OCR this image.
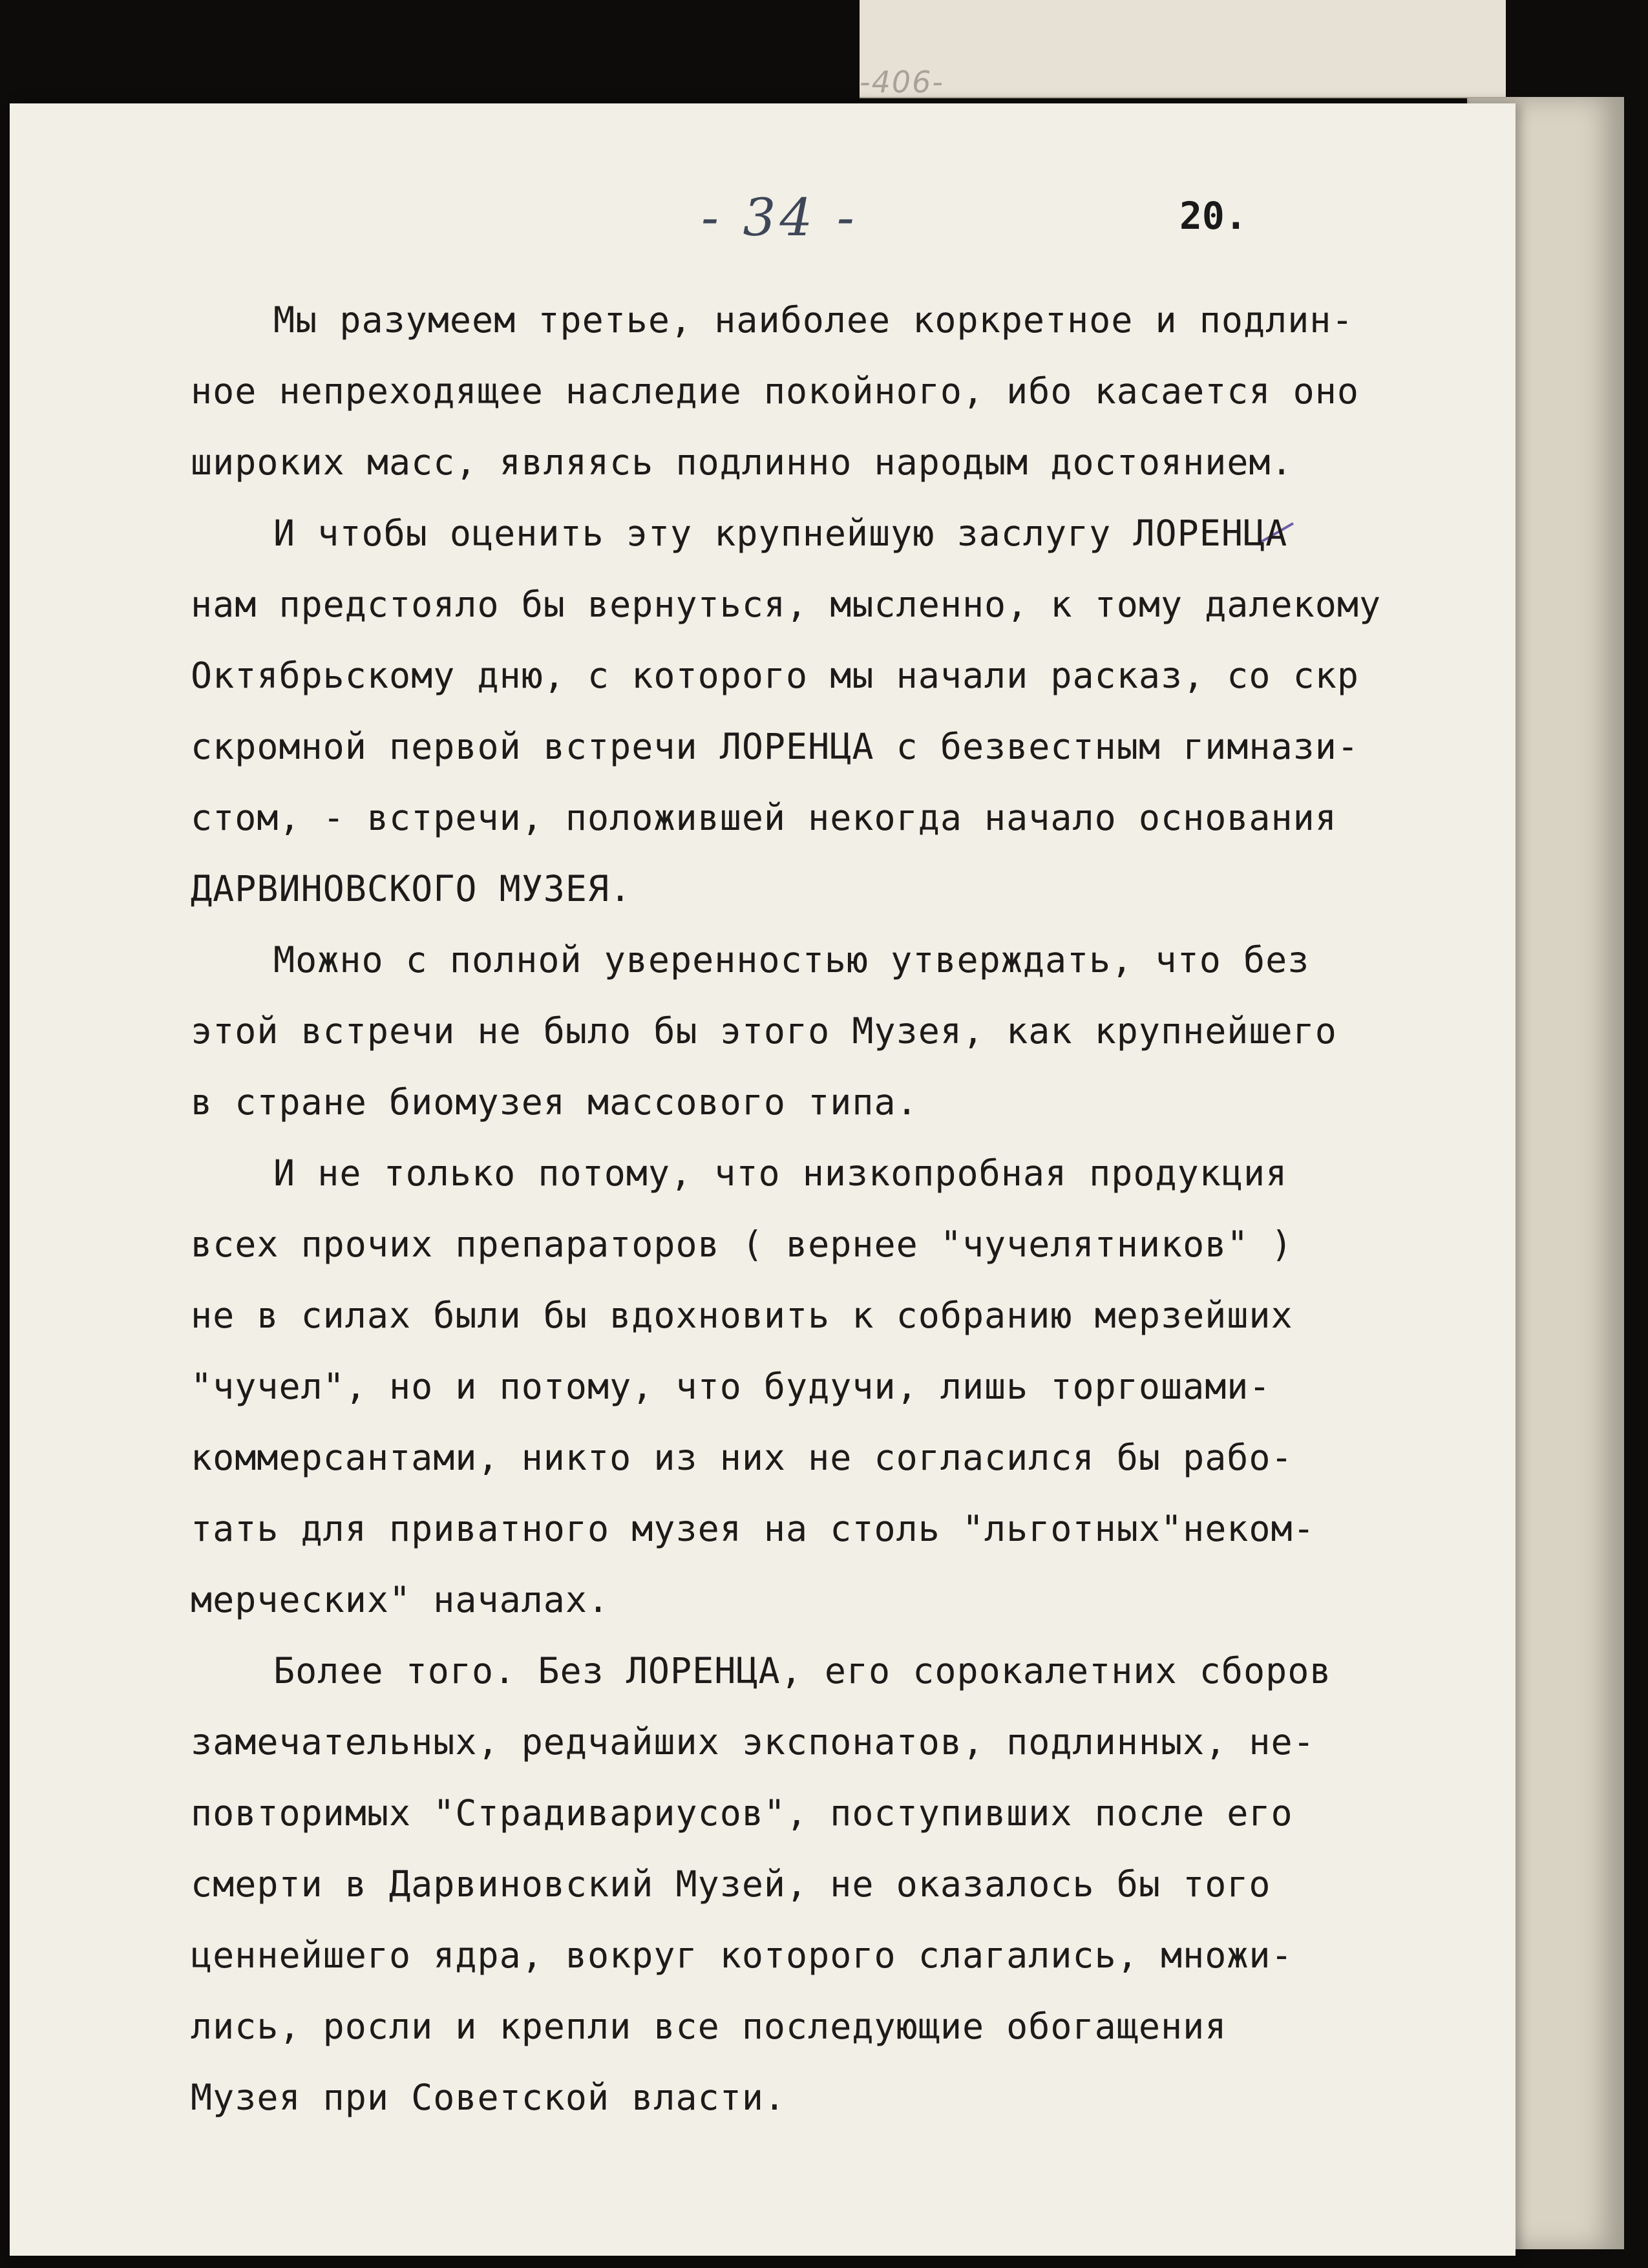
-406-
- 34 -	20.
Мы разумеем третье, наиболее коркретное и подлин-
ное непреходящее наследие покойного, ибо касается оно
широких масс, являясь подлинно народым достоянием.
И чтобы оценить эту крупнейшую заслугу ЛОРЕНЦА
нам предстояло бы вернуться, мысленно, к тому далекому
Октябрьскому дню, с которого мы начали расказ, со скр
скромной первой встречи ЛОРЕНЦА с безвестным гимнази-
стом, - встречи, положившей некогда начало основания
ДАРВИНОВСКОГО МУЗЕЯ.
Можно с полной уверенностью утверждать, что без
этой встречи не было бы этого Музея, как крупнейшего
в стране биомузея массового типа.
И не только потому, что низкопробная продукция
всех прочих препараторов ( вернее "чучелятников" )
не в силах были бы вдохновить к собранию мерзейших
"чучел", но и потому, что будучи, лишь торгошами-
коммерсантами, никто из них не согласился бы рабо-
тать для приватного музея на столь "льготных"неком-
мерческих" началах.
Более того. Без ЛОРЕНЦА, его сорокалетних сборов
замечательных, редчайших экспонатов, подлинных, не-
повторимых "Страдивариусов", поступивших после его
смерти в Дарвиновский Музей, не оказалось бы того
ценнейшего ядра, вокруг которого слагались, множи-
лись, росли и крепли все последующие обогащения
Музея при Советской власти.
